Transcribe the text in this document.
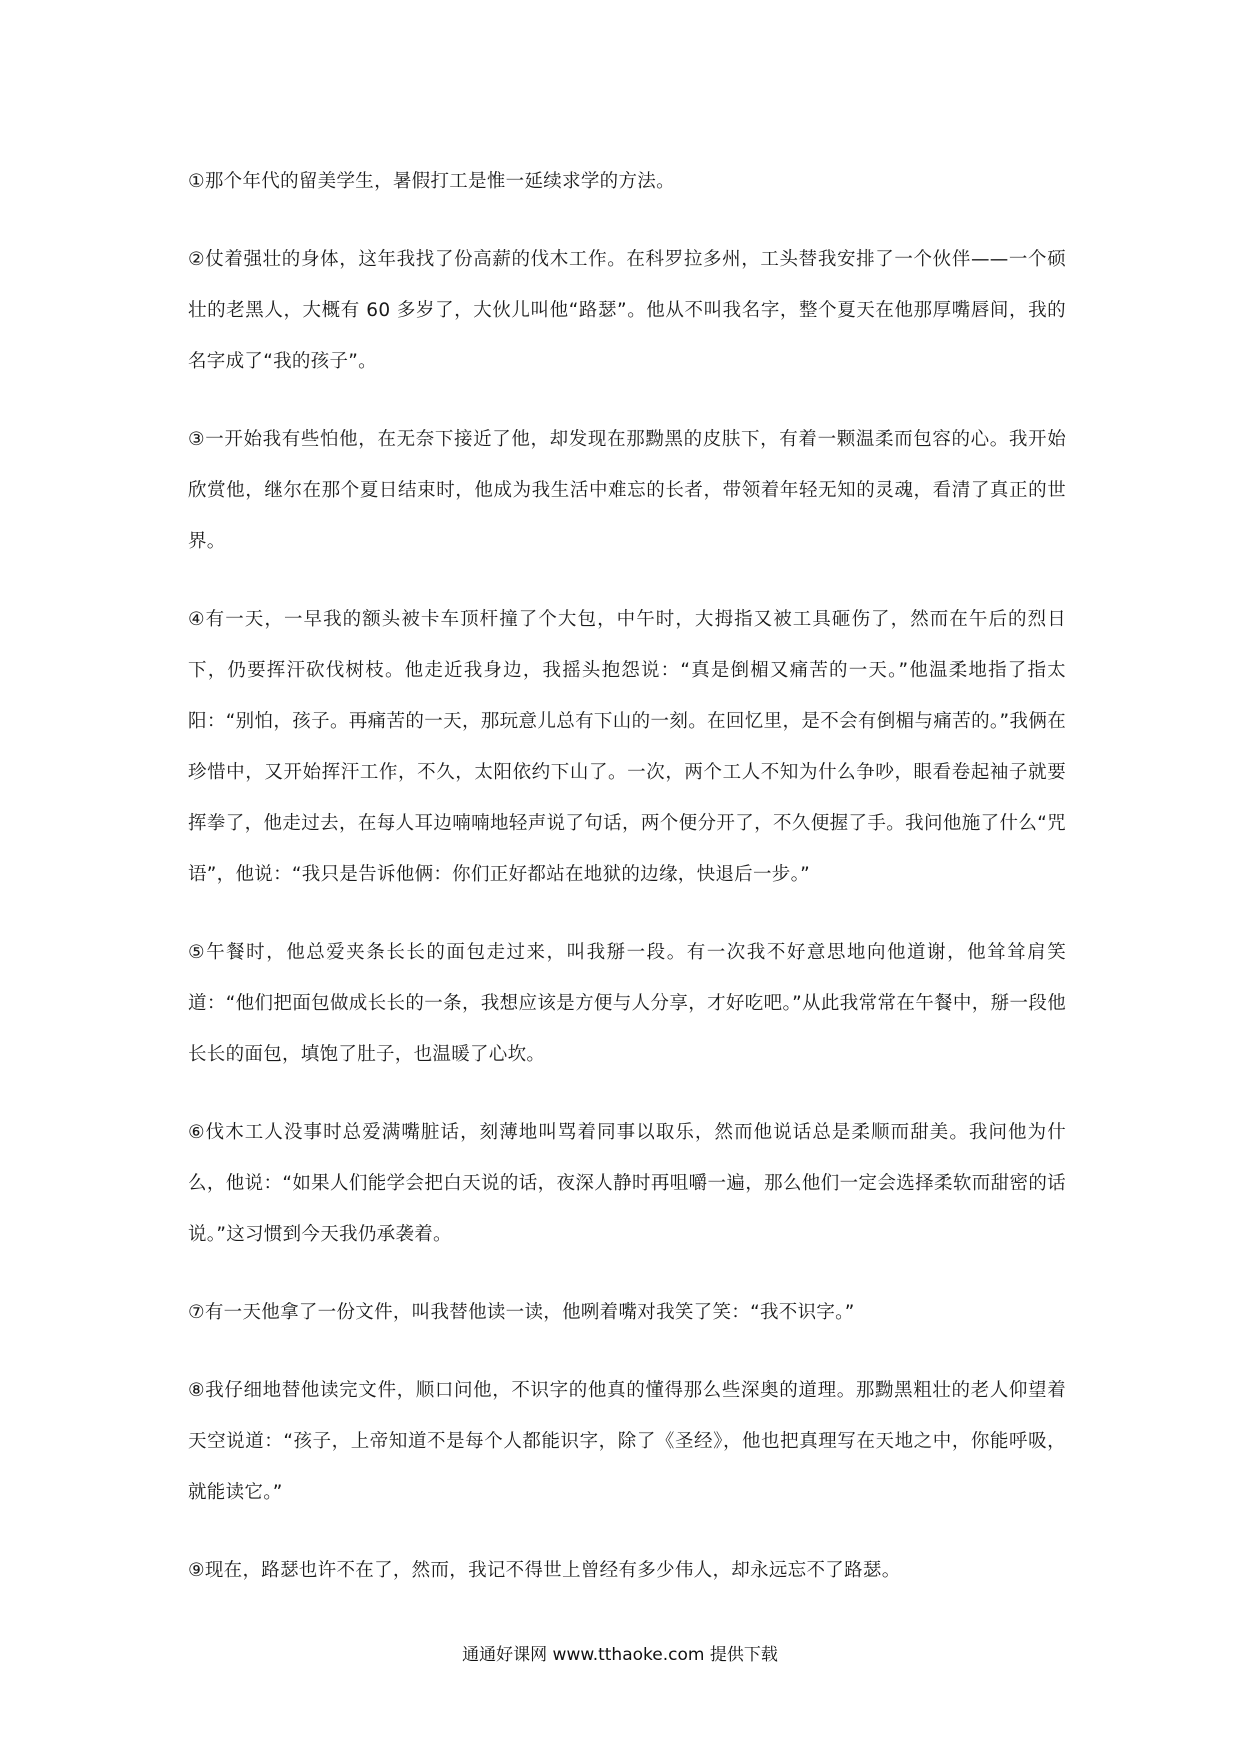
①那个年代的留美学生，暑假打工是惟一延续求学的方法。

②仗着强壮的身体，这年我找了份高薪的伐木工作。在科罗拉多州，工头替我安排了一个伙伴——一个硕壮的老黑人，大概有 60 多岁了，大伙儿叫他“路瑟”。他从不叫我名字，整个夏天在他那厚嘴唇间，我的名字成了“我的孩子”。

③一开始我有些怕他，在无奈下接近了他，却发现在那黝黑的皮肤下，有着一颗温柔而包容的心。我开始欣赏他，继尔在那个夏日结束时，他成为我生活中难忘的长者，带领着年轻无知的灵魂，看清了真正的世界。

④有一天，一早我的额头被卡车顶杆撞了个大包，中午时，大拇指又被工具砸伤了，然而在午后的烈日下，仍要挥汗砍伐树枝。他走近我身边，我摇头抱怨说：“真是倒楣又痛苦的一天。”他温柔地指了指太阳：“别怕，孩子。再痛苦的一天，那玩意儿总有下山的一刻。在回忆里，是不会有倒楣与痛苦的。”我俩在珍惜中，又开始挥汗工作，不久，太阳依约下山了。一次，两个工人不知为什么争吵，眼看卷起袖子就要挥拳了，他走过去，在每人耳边喃喃地轻声说了句话，两个便分开了，不久便握了手。我问他施了什么“咒语”，他说：“我只是告诉他俩：你们正好都站在地狱的边缘，快退后一步。”

⑤午餐时，他总爱夹条长长的面包走过来，叫我掰一段。有一次我不好意思地向他道谢，他耸耸肩笑道：“他们把面包做成长长的一条，我想应该是方便与人分享，才好吃吧。”从此我常常在午餐中，掰一段他长长的面包，填饱了肚子，也温暖了心坎。

⑥伐木工人没事时总爱满嘴脏话，刻薄地叫骂着同事以取乐，然而他说话总是柔顺而甜美。我问他为什么，他说：“如果人们能学会把白天说的话，夜深人静时再咀嚼一遍，那么他们一定会选择柔软而甜密的话说。”这习惯到今天我仍承袭着。

⑦有一天他拿了一份文件，叫我替他读一读，他咧着嘴对我笑了笑：“我不识字。”

⑧我仔细地替他读完文件，顺口问他，不识字的他真的懂得那么些深奥的道理。那黝黑粗壮的老人仰望着天空说道：“孩子，上帝知道不是每个人都能识字，除了《圣经》，他也把真理写在天地之中，你能呼吸，就能读它。”

⑨现在，路瑟也许不在了，然而，我记不得世上曾经有多少伟人，却永远忘不了路瑟。

通通好课网 www.tthaoke.com 提供下载
